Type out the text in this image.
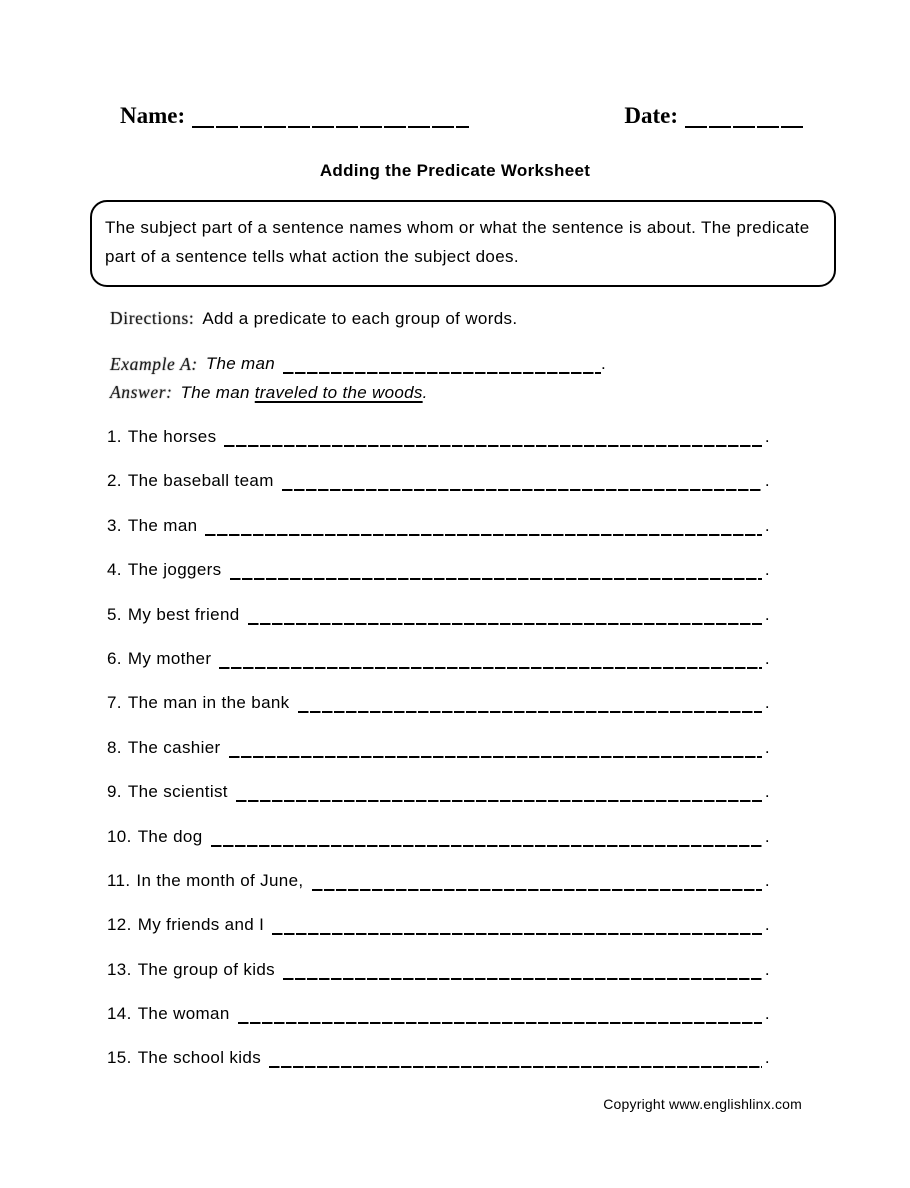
Name:	Date:
Adding the Predicate Worksheet

The subject part of a sentence names whom or what the sentence is about. The predicate part of a sentence tells what action the subject does.

Directions: Add a predicate to each group of words.
Example A: The man	.
Answer: The man traveled to the woods.
1. The horses	.
2. The baseball team	.
3. The man	.
4. The joggers	.
5. My best friend	.
6. My mother	.
7. The man in the bank	.
8. The cashier	.
9. The scientist	.
10. The dog	.
11. In the month of June,	.
12. My friends and I	.
13. The group of kids	.
14. The woman	.
15. The school kids	.
Copyright www.englishlinx.com
